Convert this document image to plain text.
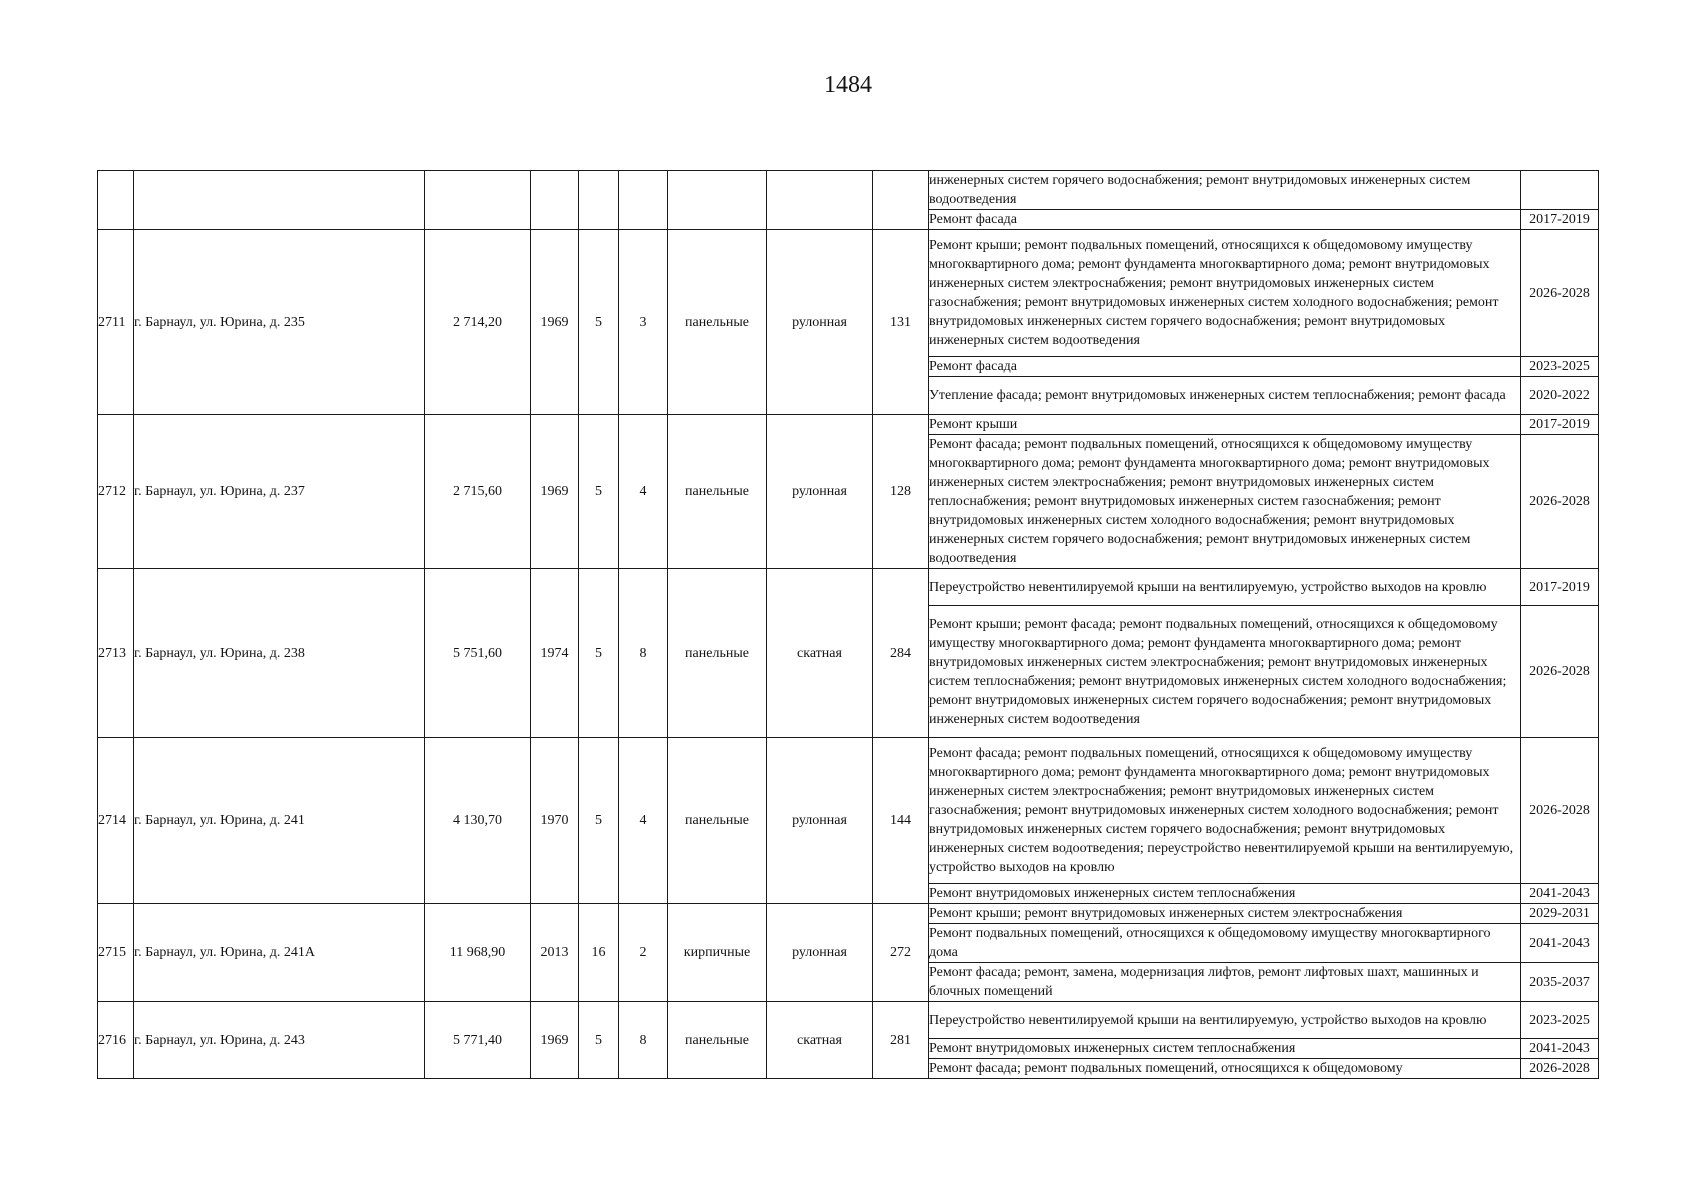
1484
									инженерных систем горячего водоснабжения; ремонт внутридомовых инженерных систем водоотведения	
									Ремонт фасада	2017-2019
2711	г. Барнаул, ул. Юрина, д. 235	2 714,20	1969	5	3	панельные	рулонная	131	Ремонт крыши; ремонт подвальных помещений, относящихся к общедомовому имуществу многоквартирного дома; ремонт фундамента многоквартирного дома; ремонт внутридомовых инженерных систем электроснабжения; ремонт внутридомовых инженерных систем газоснабжения; ремонт внутридомовых инженерных систем холодного водоснабжения; ремонт внутридомовых инженерных систем горячего водоснабжения; ремонт внутридомовых инженерных систем водоотведения	2026-2028
									Ремонт фасада	2023-2025
									Утепление фасада; ремонт внутридомовых инженерных систем теплоснабжения; ремонт фасада	2020-2022
2712	г. Барнаул, ул. Юрина, д. 237	2 715,60	1969	5	4	панельные	рулонная	128	Ремонт крыши	2017-2019
									Ремонт фасада; ремонт подвальных помещений, относящихся к общедомовому имуществу многоквартирного дома; ремонт фундамента многоквартирного дома; ремонт внутридомовых инженерных систем электроснабжения; ремонт внутридомовых инженерных систем теплоснабжения; ремонт внутридомовых инженерных систем газоснабжения; ремонт внутридомовых инженерных систем холодного водоснабжения; ремонт внутридомовых инженерных систем горячего водоснабжения; ремонт внутридомовых инженерных систем водоотведения	2026-2028
2713	г. Барнаул, ул. Юрина, д. 238	5 751,60	1974	5	8	панельные	скатная	284	Переустройство невентилируемой крыши на вентилируемую, устройство выходов на кровлю	2017-2019
									Ремонт крыши; ремонт фасада; ремонт подвальных помещений, относящихся к общедомовому имуществу многоквартирного дома; ремонт фундамента многоквартирного дома; ремонт внутридомовых инженерных систем электроснабжения; ремонт внутридомовых инженерных систем теплоснабжения; ремонт внутридомовых инженерных систем холодного водоснабжения; ремонт внутридомовых инженерных систем горячего водоснабжения; ремонт внутридомовых инженерных систем водоотведения	2026-2028
2714	г. Барнаул, ул. Юрина, д. 241	4 130,70	1970	5	4	панельные	рулонная	144	Ремонт фасада; ремонт подвальных помещений, относящихся к общедомовому имуществу многоквартирного дома; ремонт фундамента многоквартирного дома; ремонт внутридомовых инженерных систем электроснабжения; ремонт внутридомовых инженерных систем газоснабжения; ремонт внутридомовых инженерных систем холодного водоснабжения; ремонт внутридомовых инженерных систем горячего водоснабжения; ремонт внутридомовых инженерных систем водоотведения; переустройство невентилируемой крыши на вентилируемую, устройство выходов на кровлю	2026-2028
									Ремонт внутридомовых инженерных систем теплоснабжения	2041-2043
2715	г. Барнаул, ул. Юрина, д. 241А	11 968,90	2013	16	2	кирпичные	рулонная	272	Ремонт крыши; ремонт внутридомовых инженерных систем электроснабжения	2029-2031
									Ремонт подвальных помещений, относящихся к общедомовому имуществу многоквартирного дома	2041-2043
									Ремонт фасада; ремонт, замена, модернизация лифтов, ремонт лифтовых шахт, машинных и блочных помещений	2035-2037
2716	г. Барнаул, ул. Юрина, д. 243	5 771,40	1969	5	8	панельные	скатная	281	Переустройство невентилируемой крыши на вентилируемую, устройство выходов на кровлю	2023-2025
									Ремонт внутридомовых инженерных систем теплоснабжения	2041-2043
									Ремонт фасада; ремонт подвальных помещений, относящихся к общедомовому	2026-2028
